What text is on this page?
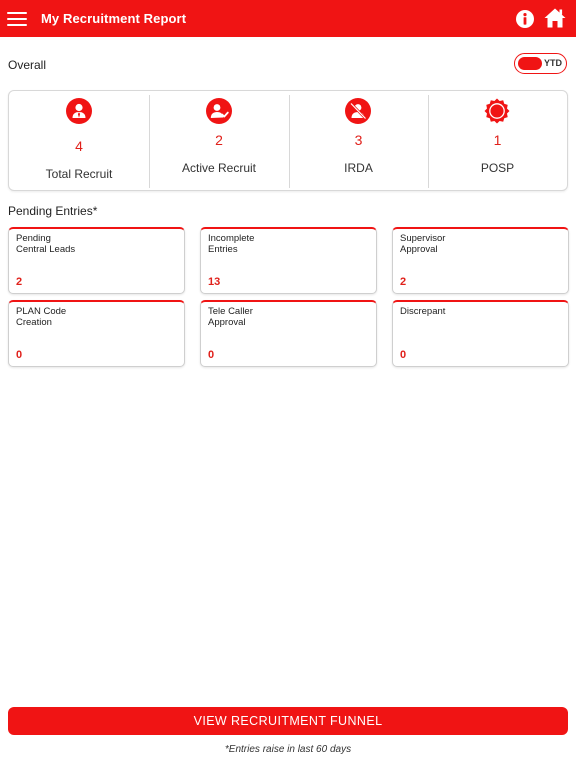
My Recruitment Report
Overall	YTD
4
Total Recruit
2
Active Recruit
3
IRDA
1
POSP
Pending Entries*
Pending
Central Leads
2
Incomplete
Entries
13
Supervisor
Approval
2
PLAN Code
Creation
0
Tele Caller
Approval
0
Discrepant
0
VIEW RECRUITMENT FUNNEL
*Entries raise in last 60 days
